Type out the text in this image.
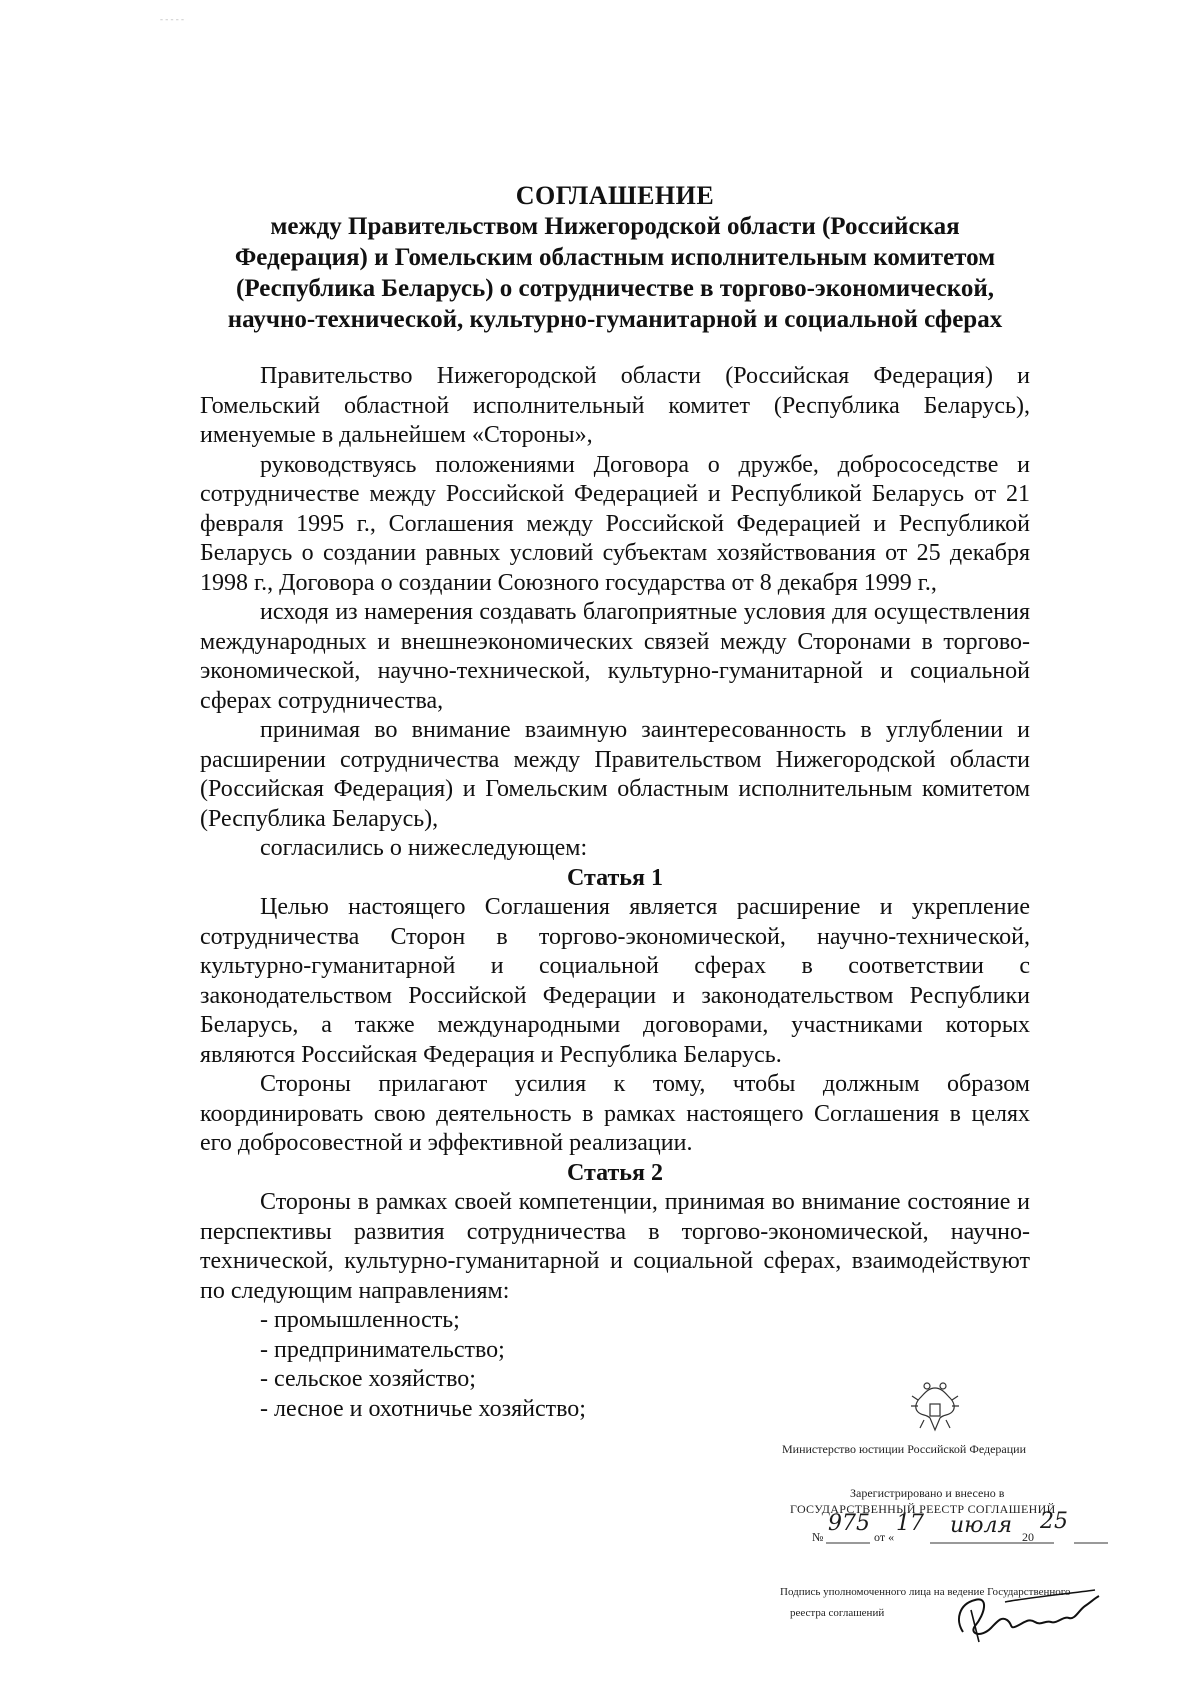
- - - - -
СОГЛАШЕНИЕ
между Правительством Нижегородской области (Российская
Федерация) и Гомельским областным исполнительным комитетом
(Республика Беларусь) о сотрудничестве в торгово-экономической,
научно-технической, культурно-гуманитарной и социальной сферах

Правительство Нижегородской области (Российская Федерация) и Гомельский областной исполнительный комитет (Республика Беларусь), именуемые в дальнейшем «Стороны»,

руководствуясь положениями Договора о дружбе, добрососедстве и сотрудничестве между Российской Федерацией и Республикой Беларусь от 21 февраля 1995 г., Соглашения между Российской Федерацией и Республикой Беларусь о создании равных условий субъектам хозяйствования от 25 декабря 1998 г., Договора о создании Союзного государства от 8 декабря 1999 г.,

исходя из намерения создавать благоприятные условия для осуществления международных и внешнеэкономических связей между Сторонами в торгово-экономической, научно-технической, культурно-гуманитарной и социальной сферах сотрудничества,

принимая во внимание взаимную заинтересованность в углублении и расширении сотрудничества между Правительством Нижегородской области (Российская Федерация) и Гомельским областным исполнительным комитетом (Республика Беларусь),

согласились о нижеследующем:

Статья 1

Целью настоящего Соглашения является расширение и укрепление сотрудничества Сторон в торгово-экономической, научно-технической, культурно-гуманитарной и социальной сферах в соответствии с законодательством Российской Федерации и законодательством Республики Беларусь, а также международными договорами, участниками которых являются Российская Федерация и Республика Беларусь.

Стороны прилагают усилия к тому, чтобы должным образом координировать свою деятельность в рамках настоящего Соглашения в целях его добросовестной и эффективной реализации.

Статья 2

Стороны в рамках своей компетенции, принимая во внимание состояние и перспективы развития сотрудничества в торгово-экономической, научно-технической, культурно-гуманитарной и социальной сферах, взаимодействуют по следующим направлениям:

- промышленность;
- предпринимательство;
- сельское хозяйство;
- лесное и охотничье хозяйство;
Министерство юстиции Российской Федерации
Зарегистрировано и внесено в
ГОСУДАРСТВЕННЫЙ РЕЕСТР СОГЛАШЕНИЙ
№
975
от «
17 июля 20
25
Подпись уполномоченного лица на ведение Государственного
реестра соглашений
